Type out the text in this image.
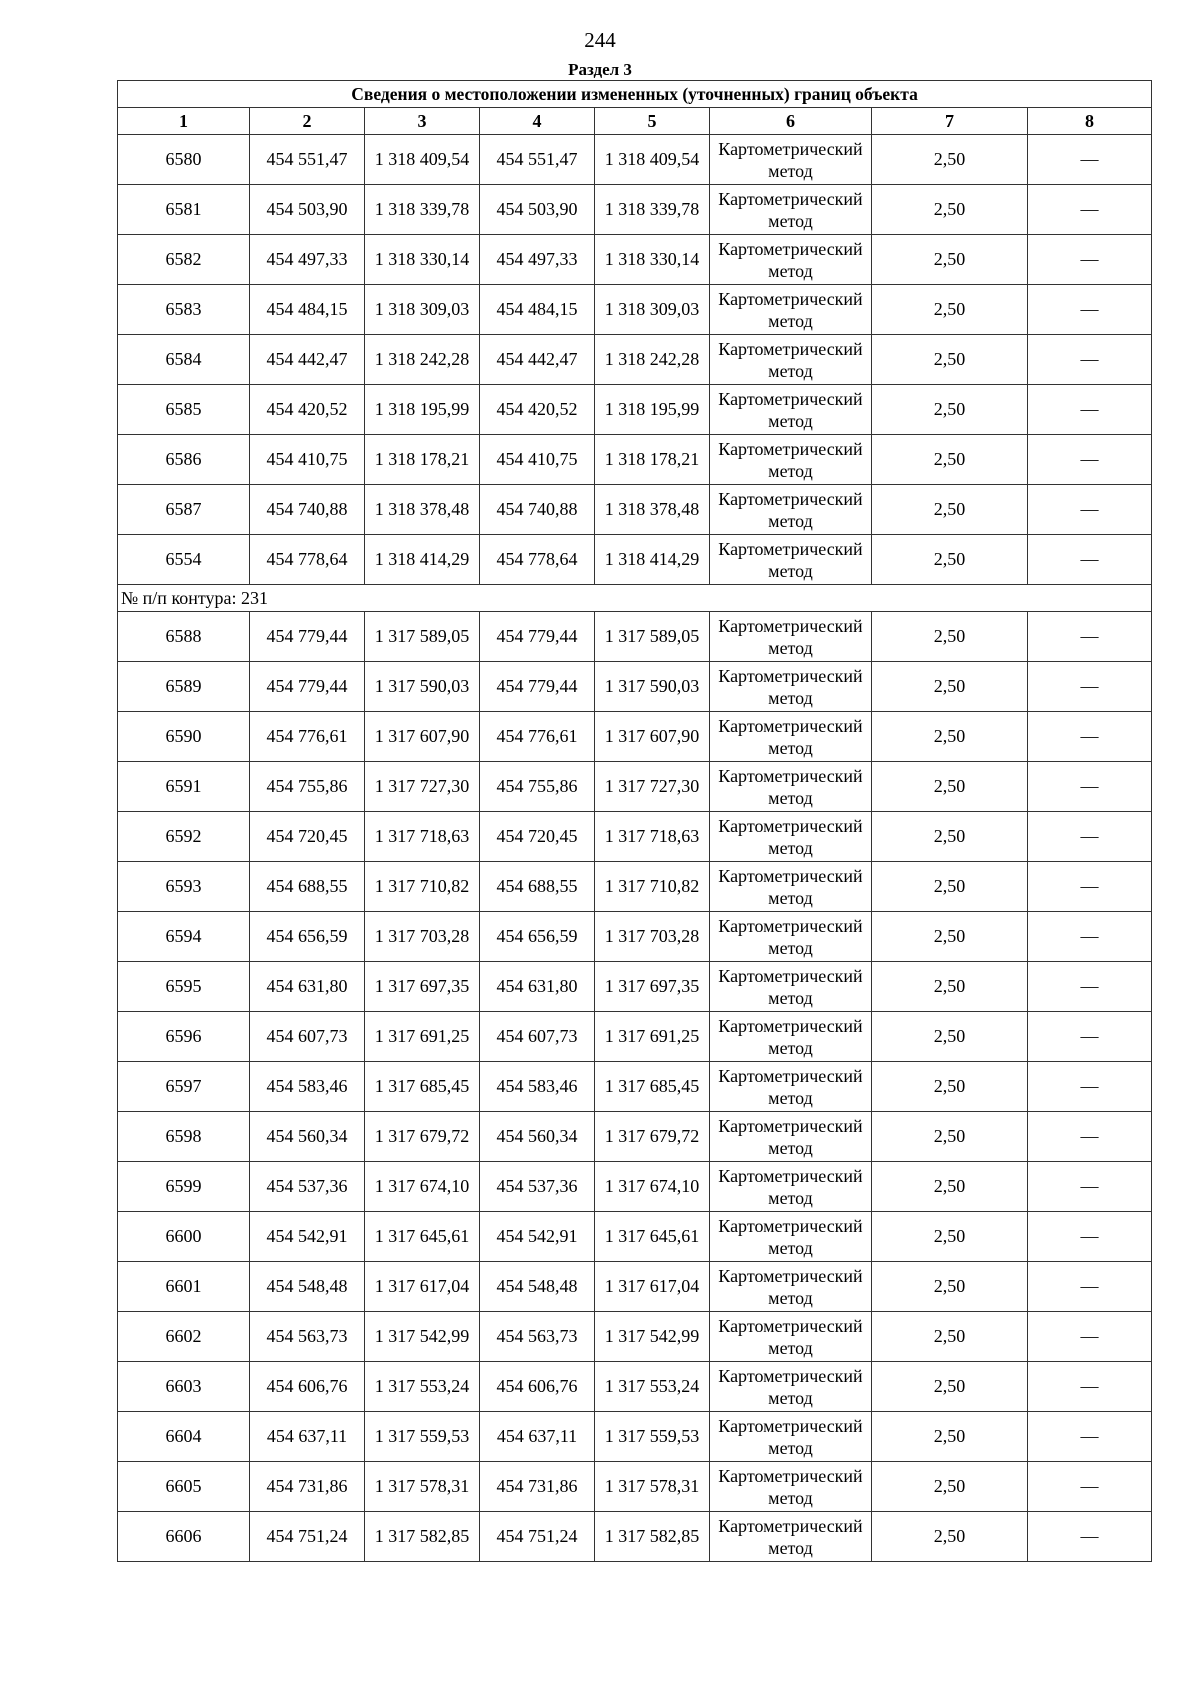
244
Раздел 3
Сведения о местоположении измененных (уточненных) границ объекта							
1	2	3	4	5	6	7	8
6580	454 551,47	1 318 409,54	454 551,47	1 318 409,54	Картометрический метод	2,50	—
6581	454 503,90	1 318 339,78	454 503,90	1 318 339,78	Картометрический метод	2,50	—
6582	454 497,33	1 318 330,14	454 497,33	1 318 330,14	Картометрический метод	2,50	—
6583	454 484,15	1 318 309,03	454 484,15	1 318 309,03	Картометрический метод	2,50	—
6584	454 442,47	1 318 242,28	454 442,47	1 318 242,28	Картометрический метод	2,50	—
6585	454 420,52	1 318 195,99	454 420,52	1 318 195,99	Картометрический метод	2,50	—
6586	454 410,75	1 318 178,21	454 410,75	1 318 178,21	Картометрический метод	2,50	—
6587	454 740,88	1 318 378,48	454 740,88	1 318 378,48	Картометрический метод	2,50	—
6554	454 778,64	1 318 414,29	454 778,64	1 318 414,29	Картометрический метод	2,50	—
№ п/п контура: 231							
6588	454 779,44	1 317 589,05	454 779,44	1 317 589,05	Картометрический метод	2,50	—
6589	454 779,44	1 317 590,03	454 779,44	1 317 590,03	Картометрический метод	2,50	—
6590	454 776,61	1 317 607,90	454 776,61	1 317 607,90	Картометрический метод	2,50	—
6591	454 755,86	1 317 727,30	454 755,86	1 317 727,30	Картометрический метод	2,50	—
6592	454 720,45	1 317 718,63	454 720,45	1 317 718,63	Картометрический метод	2,50	—
6593	454 688,55	1 317 710,82	454 688,55	1 317 710,82	Картометрический метод	2,50	—
6594	454 656,59	1 317 703,28	454 656,59	1 317 703,28	Картометрический метод	2,50	—
6595	454 631,80	1 317 697,35	454 631,80	1 317 697,35	Картометрический метод	2,50	—
6596	454 607,73	1 317 691,25	454 607,73	1 317 691,25	Картометрический метод	2,50	—
6597	454 583,46	1 317 685,45	454 583,46	1 317 685,45	Картометрический метод	2,50	—
6598	454 560,34	1 317 679,72	454 560,34	1 317 679,72	Картометрический метод	2,50	—
6599	454 537,36	1 317 674,10	454 537,36	1 317 674,10	Картометрический метод	2,50	—
6600	454 542,91	1 317 645,61	454 542,91	1 317 645,61	Картометрический метод	2,50	—
6601	454 548,48	1 317 617,04	454 548,48	1 317 617,04	Картометрический метод	2,50	—
6602	454 563,73	1 317 542,99	454 563,73	1 317 542,99	Картометрический метод	2,50	—
6603	454 606,76	1 317 553,24	454 606,76	1 317 553,24	Картометрический метод	2,50	—
6604	454 637,11	1 317 559,53	454 637,11	1 317 559,53	Картометрический метод	2,50	—
6605	454 731,86	1 317 578,31	454 731,86	1 317 578,31	Картометрический метод	2,50	—
6606	454 751,24	1 317 582,85	454 751,24	1 317 582,85	Картометрический метод	2,50	—
